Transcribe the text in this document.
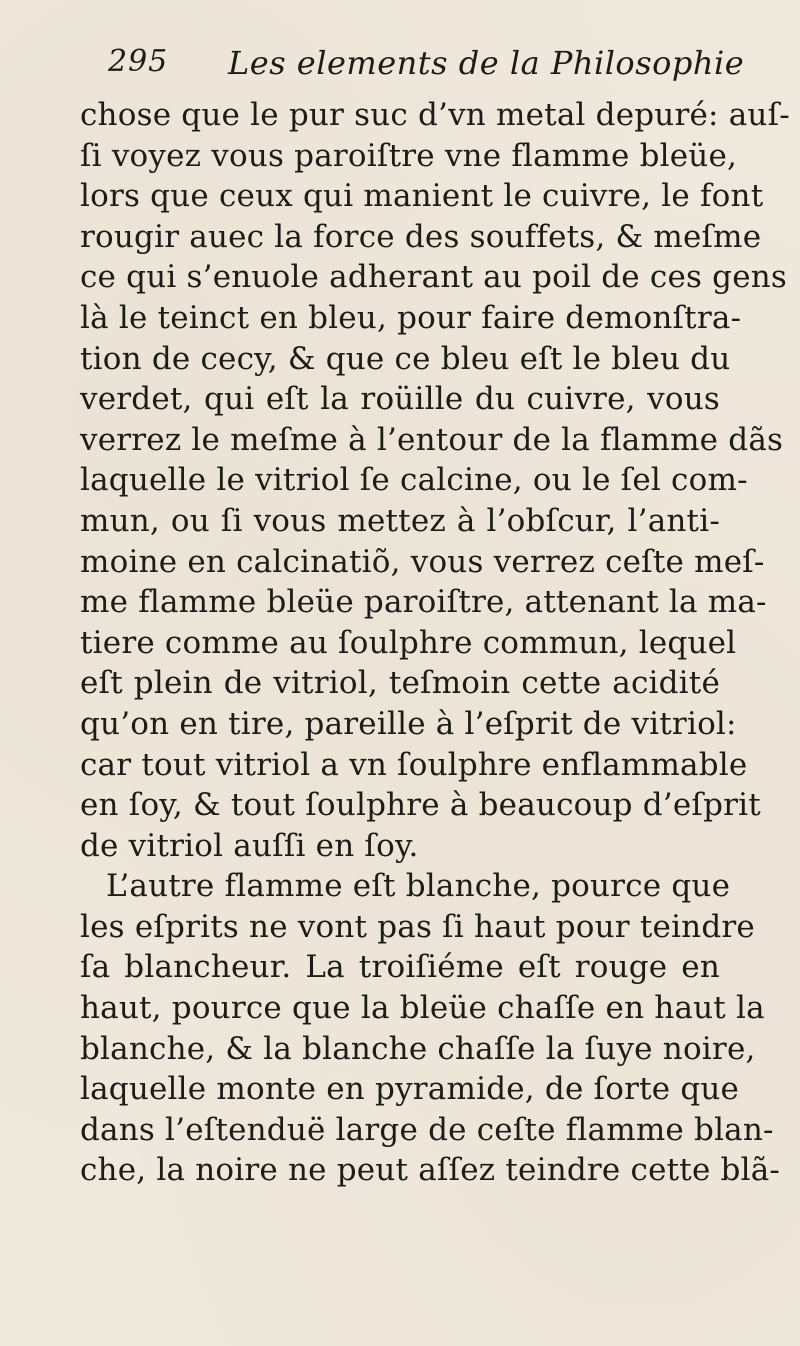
295 Les elements de la Philosophie
chose que le pur suc d’vn metal depuré: auſ-
ſi voyez vous paroiſtre vne flamme bleüe,
lors que ceux qui manient le cuivre, le font
rougir auec la force des souffets, & meſme
ce qui s’enuole adherant au poil de ces gens
là le teinct en bleu, pour faire demonſtra-
tion de cecy, & que ce bleu eſt le bleu du
verdet, qui eſt la roüille du cuivre, vous
verrez le meſme à l’entour de la flamme dãs
laquelle le vitriol ſe calcine, ou le ſel com-
mun, ou ſi vous mettez à l’obſcur, l’anti-
moine en calcinatiõ, vous verrez ceſte meſ-
me flamme bleüe paroiſtre, attenant la ma-
tiere comme au ſoulphre commun, lequel
eſt plein de vitriol, teſmoin cette acidité
qu’on en tire, pareille à l’eſprit de vitriol:
car tout vitriol a vn ſoulphre enflammable
en ſoy, & tout ſoulphre à beaucoup d’eſprit
de vitriol auſſi en ſoy.
L’autre flamme eſt blanche, pource que
les eſprits ne vont pas ſi haut pour teindre
ſa blancheur. La troiſiéme eſt rouge en
haut, pource que la bleüe chaſſe en haut la
blanche, & la blanche chaſſe la ſuye noire,
laquelle monte en pyramide, de ſorte que
dans l’eſtenduë large de ceſte flamme blan-
che, la noire ne peut aſſez teindre cette blã-
